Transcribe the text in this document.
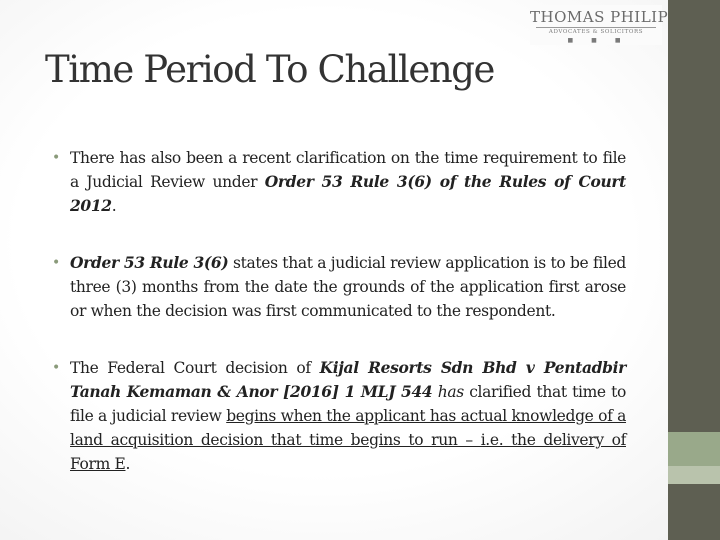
THOMAS PHILIP
ADVOCATES & SOLICITORS
■■■
Time Period To Challenge
• There has also been a recent clarification on the time requirement to file a Judicial Review under Order 53 Rule 3(6) of the Rules of Court 2012.
• Order 53 Rule 3(6) states that a judicial review application is to be filed three (3) months from the date the grounds of the application first arose or when the decision was first communicated to the respondent.
• The Federal Court decision of Kijal Resorts Sdn Bhd v Pentadbir Tanah Kemaman & Anor [2016] 1 MLJ 544 has clarified that time to file a judicial review begins when the applicant has actual knowledge of a land acquisition decision that time begins to run – i.e. the delivery of Form E.
